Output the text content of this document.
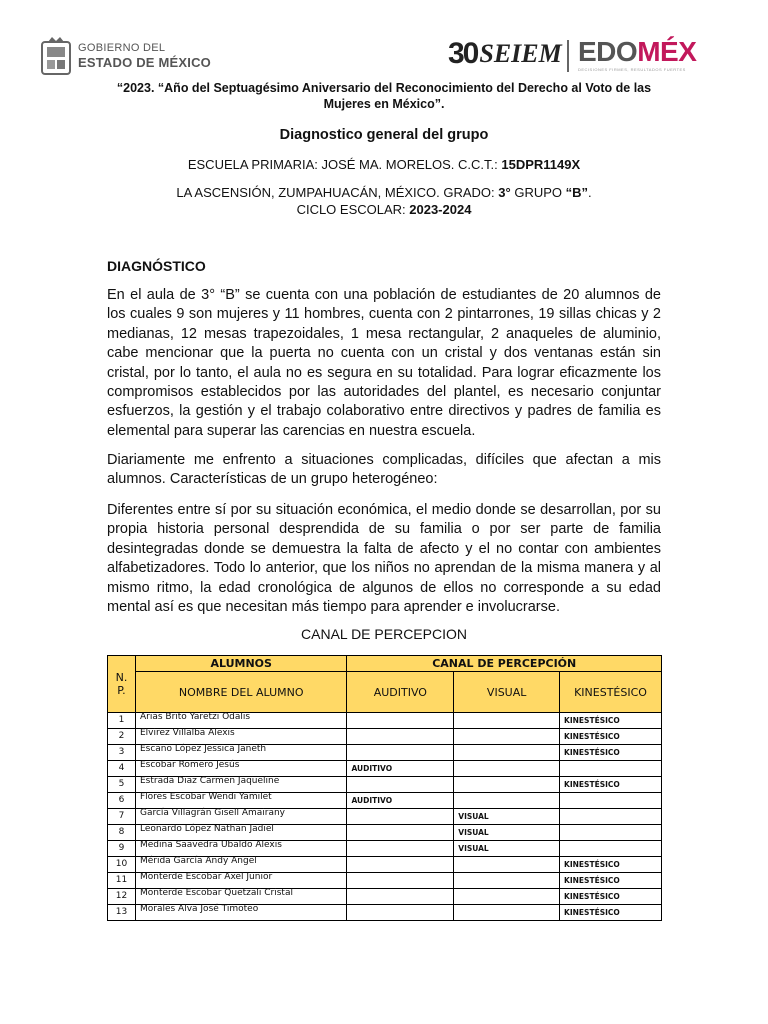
GOBIERNO DEL
ESTADO DE MÉXICO	30 SEIEM EDOMÉX
DECISIONES FIRMES, RESULTADOS FUERTES
“2023. “Año del Septuagésimo Aniversario del Reconocimiento del Derecho al Voto de las Mujeres en México”.
Diagnostico general del grupo
ESCUELA PRIMARIA: JOSÉ MA. MORELOS. C.C.T.: 15DPR1149X
LA ASCENSIÓN, ZUMPAHUACÁN, MÉXICO. GRADO: 3° GRUPO “B”.
CICLO ESCOLAR: 2023-2024
DIAGNÓSTICO
En el aula de 3° “B” se cuenta con una población de estudiantes de 20 alumnos de los cuales 9 son mujeres y 11 hombres, cuenta con 2 pintarrones, 19 sillas chicas y 2 medianas, 12 mesas trapezoidales, 1 mesa rectangular, 2 anaqueles de aluminio, cabe mencionar que la puerta no cuenta con un cristal y dos ventanas están sin cristal, por lo tanto, el aula no es segura en su totalidad. Para lograr eficazmente los compromisos establecidos por las autoridades del plantel, es necesario conjuntar esfuerzos, la gestión y el trabajo colaborativo entre directivos y padres de familia es elemental para superar las carencias en nuestra escuela.
Diariamente me enfrento a situaciones complicadas, difíciles que afectan a mis alumnos. Características de un grupo heterogéneo:
Diferentes entre sí por su situación económica, el medio donde se desarrollan, por su propia historia personal desprendida de su familia o por ser parte de familia desintegradas donde se demuestra la falta de afecto y el no contar con ambientes alfabetizadores. Todo lo anterior, que los niños no aprendan de la misma manera y al mismo ritmo, la edad cronológica de algunos de ellos no corresponde a su edad mental así es que necesitan más tiempo para aprender e involucrarse.
CANAL DE PERCEPCION
N. P.	ALUMNOS	CANAL DE PERCEPCIÓN		
	NOMBRE DEL ALUMNO	AUDITIVO	VISUAL	KINESTÉSICO
1	Arias Brito Yaretzi Odalis			KINESTÉSICO
2	Elvirez Villalba Alexis			KINESTÉSICO
3	Escano López Jessica Janeth			KINESTÉSICO
4	Escobar Romero Jesús	AUDITIVO		
5	Estrada Diaz Carmen Jaqueline			KINESTÉSICO
6	Flores Escobar Wendi Yamilet	AUDITIVO		
7	García Villagrán Gisell Amairany		VISUAL	
8	Leonardo López Nathan Jadiel		VISUAL	
9	Medina Saavedra Ubaldo Alexis		VISUAL	
10	Mérida García Andy Angel			KINESTÉSICO
11	Monterde Escobar Axel Junior			KINESTÉSICO
12	Monterde Escobar Quetzali Cristal			KINESTÉSICO
13	Morales Alva José Timoteo			KINESTÉSICO
